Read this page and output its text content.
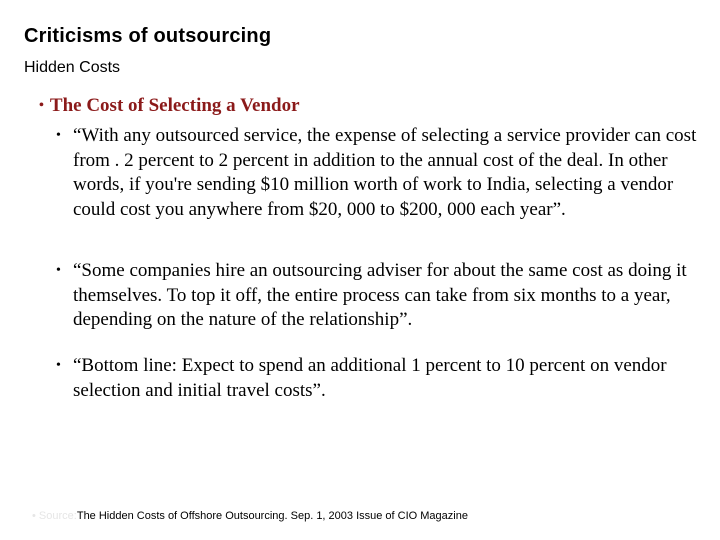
Criticisms of outsourcing
Hidden Costs
• The Cost of Selecting a Vendor
• “With any outsourced service, the expense of selecting a service provider can cost from . 2 percent to 2 percent in addition to the annual cost of the deal. In other words, if you're sending $10 million worth of work to India, selecting a vendor could cost you anywhere from $20, 000 to $200, 000 each year”.
• “Some companies hire an outsourcing adviser for about the same cost as doing it themselves. To top it off, the entire process can take from six months to a year, depending on the nature of the relationship”.
• “Bottom line: Expect to spend an additional 1 percent to 10 percent on vendor selection and initial travel costs”.
• Source:The Hidden Costs of Offshore Outsourcing. Sep. 1, 2003 Issue of CIO Magazine
